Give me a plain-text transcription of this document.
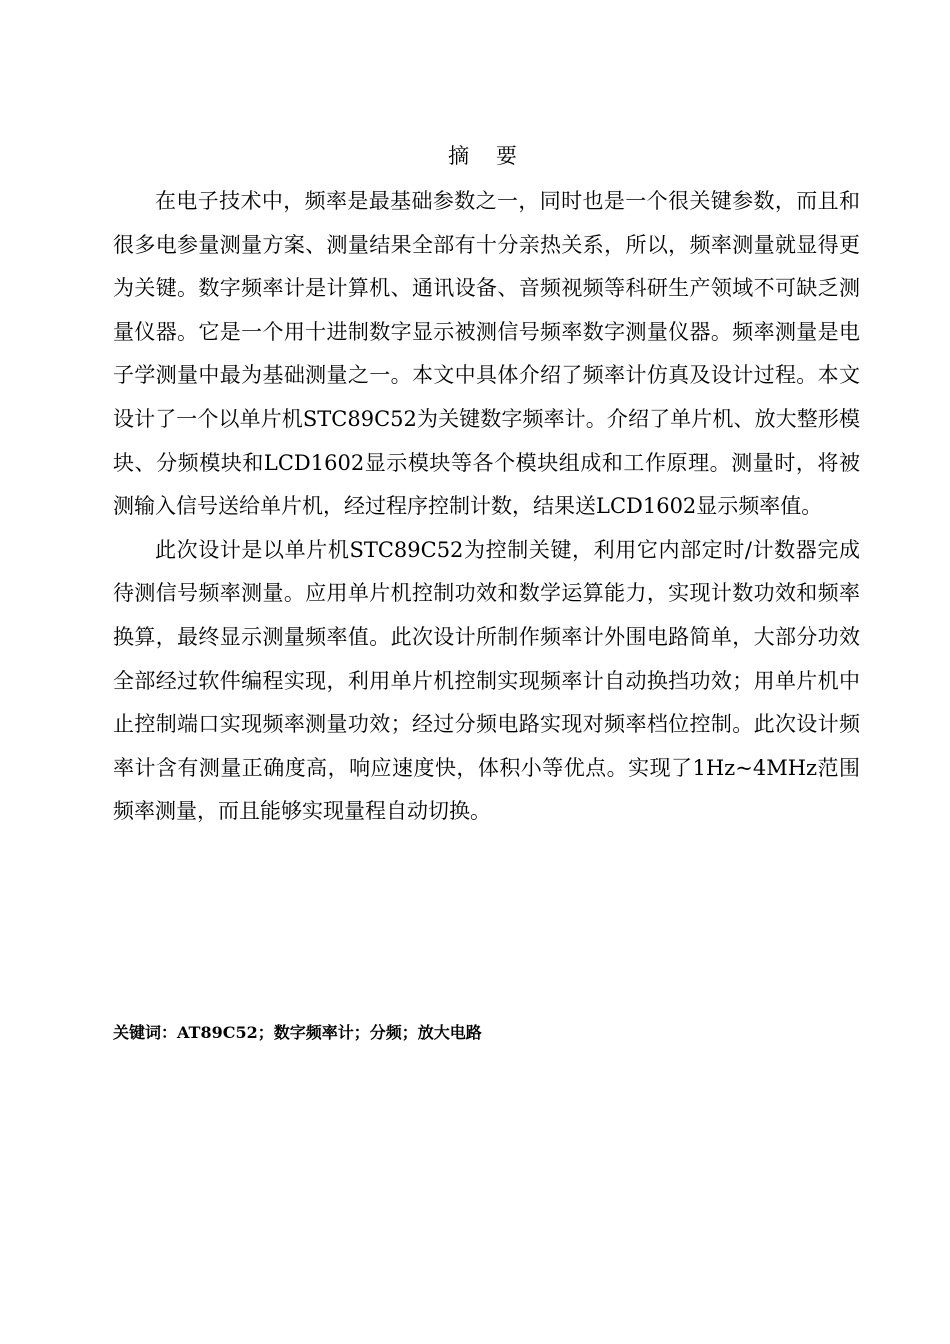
摘 要

在电子技术中，频率是最基础参数之一，同时也是一个很关键参数，而且和很多电参量测量方案、测量结果全部有十分亲热关系，所以，频率测量就显得更为关键。数字频率计是计算机、通讯设备、音频视频等科研生产领域不可缺乏测量仪器。它是一个用十进制数字显示被测信号频率数字测量仪器。频率测量是电子学测量中最为基础测量之一。本文中具体介绍了频率计仿真及设计过程。本文设计了一个以单片机STC89C52为关键数字频率计。介绍了单片机、放大整形模块、分频模块和LCD1602显示模块等各个模块组成和工作原理。测量时，将被测输入信号送给单片机，经过程序控制计数，结果送LCD1602显示频率值。

此次设计是以单片机STC89C52为控制关键，利用它内部定时/计数器完成待测信号频率测量。应用单片机控制功效和数学运算能力，实现计数功效和频率换算，最终显示测量频率值。此次设计所制作频率计外围电路简单，大部分功效全部经过软件编程实现，利用单片机控制实现频率计自动换挡功效；用单片机中止控制端口实现频率测量功效；经过分频电路实现对频率档位控制。此次设计频率计含有测量正确度高，响应速度快，体积小等优点。实现了1Hz~4MHz范围频率测量，而且能够实现量程自动切换。

关键词：AT89C52；数字频率计；分频；放大电路
